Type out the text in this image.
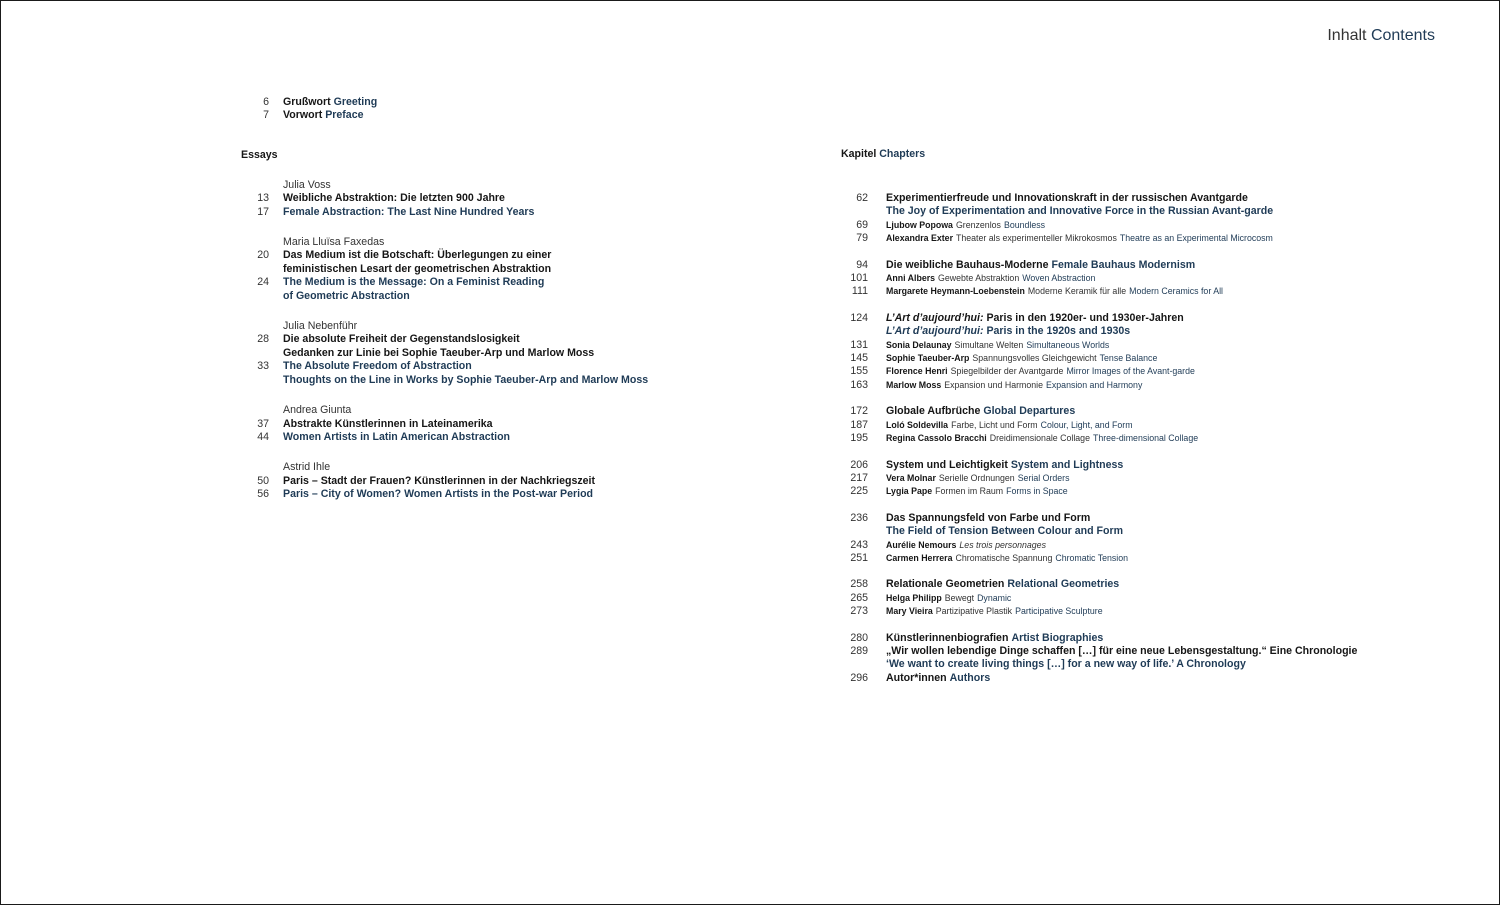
Inhalt Contents
6 Grußwort Greeting
7 Vorwort Preface
Essays
Julia Voss
13 Weibliche Abstraktion: Die letzten 900 Jahre
17 Female Abstraction: The Last Nine Hundred Years
Maria Lluïsa Faxedas
20 Das Medium ist die Botschaft: Überlegungen zu einer
feministischen Lesart der geometrischen Abstraktion
24 The Medium is the Message: On a Feminist Reading
of Geometric Abstraction
Julia Nebenführ
28 Die absolute Freiheit der Gegenstandslosigkeit
Gedanken zur Linie bei Sophie Taeuber-Arp und Marlow Moss
33 The Absolute Freedom of Abstraction
Thoughts on the Line in Works by Sophie Taeuber-Arp and Marlow Moss
Andrea Giunta
37 Abstrakte Künstlerinnen in Lateinamerika
44 Women Artists in Latin American Abstraction
Astrid Ihle
50 Paris – Stadt der Frauen? Künstlerinnen in der Nachkriegszeit
56 Paris – City of Women? Women Artists in the Post-war Period
Kapitel Chapters
62 Experimentierfreude und Innovationskraft in der russischen Avantgarde
The Joy of Experimentation and Innovative Force in the Russian Avant-garde
69 Ljubow Popowa Grenzenlos Boundless
79 Alexandra Exter Theater als experimenteller Mikrokosmos Theatre as an Experimental Microcosm
94 Die weibliche Bauhaus-Moderne Female Bauhaus Modernism
101 Anni Albers Gewebte Abstraktion Woven Abstraction
111 Margarete Heymann-Loebenstein Moderne Keramik für alle Modern Ceramics for All
124 L’Art d’aujourd’hui: Paris in den 1920er- und 1930er-Jahren
L’Art d’aujourd’hui: Paris in the 1920s and 1930s
131 Sonia Delaunay Simultane Welten Simultaneous Worlds
145 Sophie Taeuber-Arp Spannungsvolles Gleichgewicht Tense Balance
155 Florence Henri Spiegelbilder der Avantgarde Mirror Images of the Avant-garde
163 Marlow Moss Expansion und Harmonie Expansion and Harmony
172 Globale Aufbrüche Global Departures
187 Loló Soldevilla Farbe, Licht und Form Colour, Light, and Form
195 Regina Cassolo Bracchi Dreidimensionale Collage Three-dimensional Collage
206 System und Leichtigkeit System and Lightness
217 Vera Molnar Serielle Ordnungen Serial Orders
225 Lygia Pape Formen im Raum Forms in Space
236 Das Spannungsfeld von Farbe und Form
The Field of Tension Between Colour and Form
243 Aurélie Nemours Les trois personnages
251 Carmen Herrera Chromatische Spannung Chromatic Tension
258 Relationale Geometrien Relational Geometries
265 Helga Philipp Bewegt Dynamic
273 Mary Vieira Partizipative Plastik Participative Sculpture
280 Künstlerinnenbiografien Artist Biographies
289 „Wir wollen lebendige Dinge schaffen […] für eine neue Lebensgestaltung.“ Eine Chronologie
‘We want to create living things […] for a new way of life.’ A Chronology
296 Autor*innen Authors
